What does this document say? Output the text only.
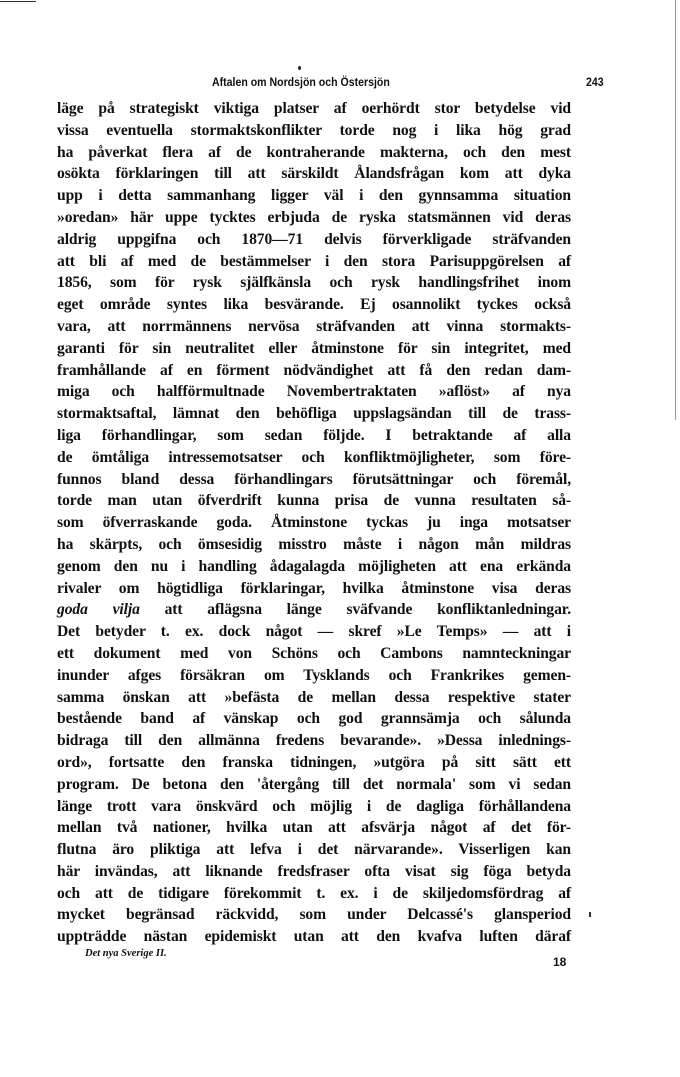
Aftalen om Nordsjön och Östersjön	243
läge på strategiskt viktiga platser af oerhördt stor betydelse vid
vissa eventuella stormaktskonflikter torde nog i lika hög grad
ha påverkat flera af de kontraherande makterna, och den mest
osökta förklaringen till att särskildt Ålandsfrågan kom att dyka
upp i detta sammanhang ligger väl i den gynnsamma situation
»oredan» här uppe tycktes erbjuda de ryska statsmännen vid deras
aldrig uppgifna och 1870—71 delvis förverkligade sträfvanden
att bli af med de bestämmelser i den stora Parisuppgörelsen af
1856, som för rysk själfkänsla och rysk handlingsfrihet inom
eget område syntes lika besvärande. Ej osannolikt tyckes också
vara, att norrmännens nervösa sträfvanden att vinna stormakts-
garanti för sin neutralitet eller åtminstone för sin integritet, med
framhållande af en förment nödvändighet att få den redan dam-
miga och halfförmultnade Novembertraktaten »aflöst» af nya
stormaktsaftal, lämnat den behöfliga uppslagsändan till de trass-
liga förhandlingar, som sedan följde. I betraktande af alla
de ömtåliga intressemotsatser och konfliktmöjligheter, som före-
funnos bland dessa förhandlingars förutsättningar och föremål,
torde man utan öfverdrift kunna prisa de vunna resultaten så-
som öfverraskande goda. Åtminstone tyckas ju inga motsatser
ha skärpts, och ömsesidig misstro måste i någon mån mildras
genom den nu i handling ådagalagda möjligheten att ena erkända
rivaler om högtidliga förklaringar, hvilka åtminstone visa deras
goda vilja att aflägsna länge sväfvande konfliktanledningar.
Det betyder t. ex. dock något — skref »Le Temps» — att i
ett dokument med von Schöns och Cambons namnteckningar
inunder afges försäkran om Tysklands och Frankrikes gemen-
samma önskan att »befästa de mellan dessa respektive stater
bestående band af vänskap och god grannsämja och sålunda
bidraga till den allmänna fredens bevarande». »Dessa inlednings-
ord», fortsatte den franska tidningen, »utgöra på sitt sätt ett
program. De betona den 'återgång till det normala' som vi sedan
länge trott vara önskvärd och möjlig i de dagliga förhållandena
mellan två nationer, hvilka utan att afsvärja något af det för-
flutna äro pliktiga att lefva i det närvarande». Visserligen kan
här invändas, att liknande fredsfraser ofta visat sig föga betyda
och att de tidigare förekommit t. ex. i de skiljedomsfördrag af
mycket begränsad räckvidd, som under Delcassé's glansperiod
uppträdde nästan epidemiskt utan att den kvafva luften däraf
Det nya Sverige II.
18
